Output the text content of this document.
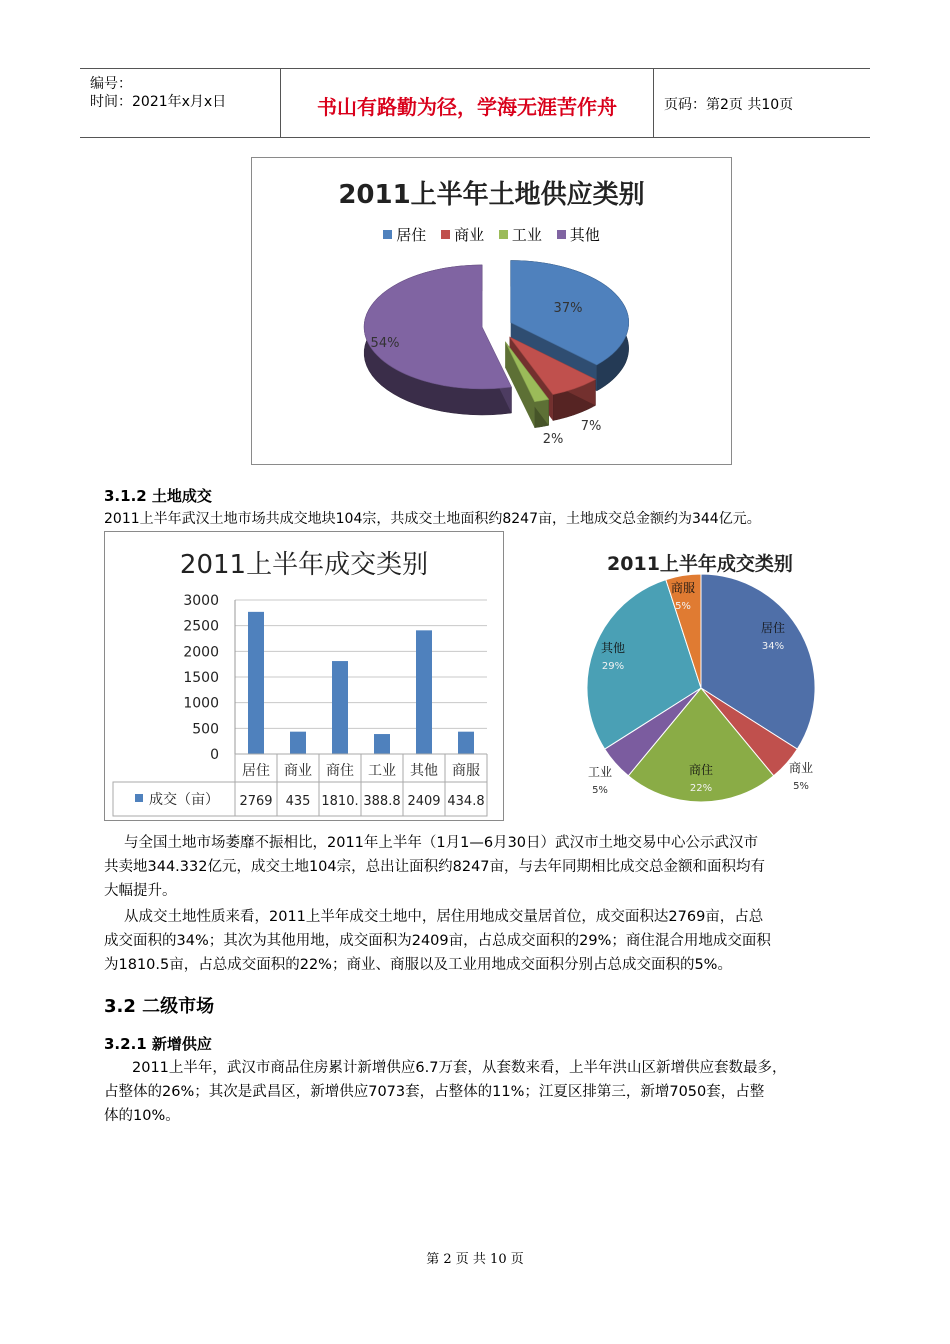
编号：
时间：2021年x月x日	书山有路勤为径，学海无涯苦作舟	页码：第2页 共10页
2011上半年土地供应类别
居住 商业 工业 其他
37%
7%
2%
54%
3.1.2 土地成交
2011上半年武汉土地市场共成交地块104宗，共成交土地面积约8247亩，土地成交总金额约为344亿元。
2011上半年成交类别
3000
2500
2000
1500
1000
500
0
居住 商业 商住 工业 其他 商服
2769 435 1810. 388.8 2409 434.8
成交（亩）
2011上半年成交类别
居住
34%
商业
5%
商住
22%
工业
5%
其他
29%
商服
5%
与全国土地市场萎靡不振相比，2011年上半年（1月1—6月30日）武汉市土地交易中心公示武汉市
共卖地344.332亿元，成交土地104宗，总出让面积约8247亩，与去年同期相比成交总金额和面积均有
大幅提升。
从成交土地性质来看，2011上半年成交土地中，居住用地成交量居首位，成交面积达2769亩，占总
成交面积的34%；其次为其他用地，成交面积为2409亩，占总成交面积的29%；商住混合用地成交面积
为1810.5亩，占总成交面积的22%；商业、商服以及工业用地成交面积分别占总成交面积的5%。
3.2 二级市场
3.2.1 新增供应
2011上半年，武汉市商品住房累计新增供应6.7万套，从套数来看，上半年洪山区新增供应套数最多，
占整体的26%；其次是武昌区，新增供应7073套，占整体的11%；江夏区排第三，新增7050套，占整
体的10%。
第 2 页 共 10 页
